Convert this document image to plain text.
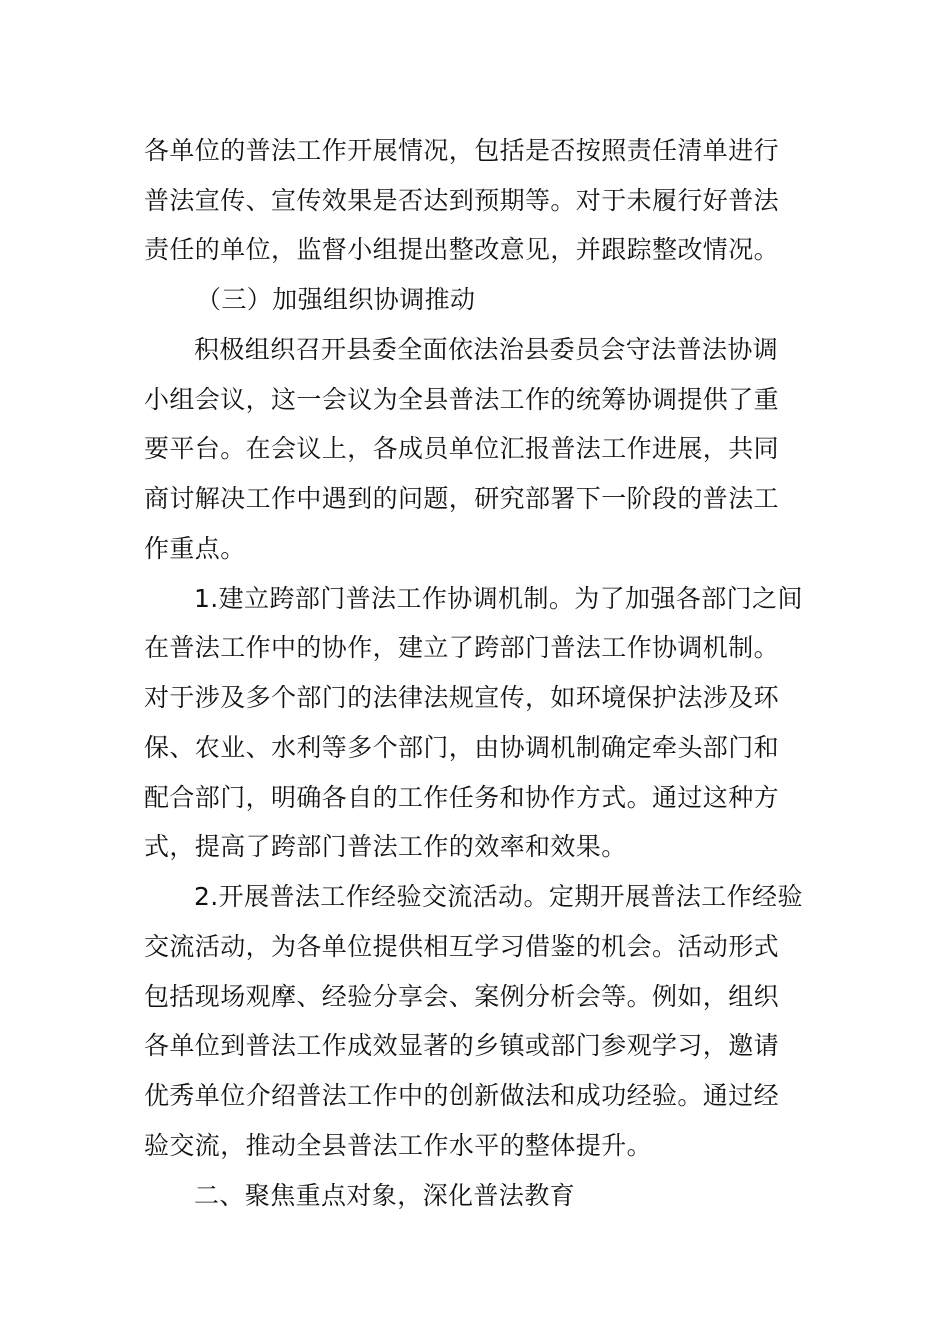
各单位的普法工作开展情况，包括是否按照责任清单进行
普法宣传、宣传效果是否达到预期等。对于未履行好普法
责任的单位，监督小组提出整改意见，并跟踪整改情况。
（三）加强组织协调推动
积极组织召开县委全面依法治县委员会守法普法协调
小组会议，这一会议为全县普法工作的统筹协调提供了重
要平台。在会议上，各成员单位汇报普法工作进展，共同
商讨解决工作中遇到的问题，研究部署下一阶段的普法工
作重点。
1.建立跨部门普法工作协调机制。为了加强各部门之间
在普法工作中的协作，建立了跨部门普法工作协调机制。
对于涉及多个部门的法律法规宣传，如环境保护法涉及环
保、农业、水利等多个部门，由协调机制确定牵头部门和
配合部门，明确各自的工作任务和协作方式。通过这种方
式，提高了跨部门普法工作的效率和效果。
2.开展普法工作经验交流活动。定期开展普法工作经验
交流活动，为各单位提供相互学习借鉴的机会。活动形式
包括现场观摩、经验分享会、案例分析会等。例如，组织
各单位到普法工作成效显著的乡镇或部门参观学习，邀请
优秀单位介绍普法工作中的创新做法和成功经验。通过经
验交流，推动全县普法工作水平的整体提升。
二、聚焦重点对象，深化普法教育
